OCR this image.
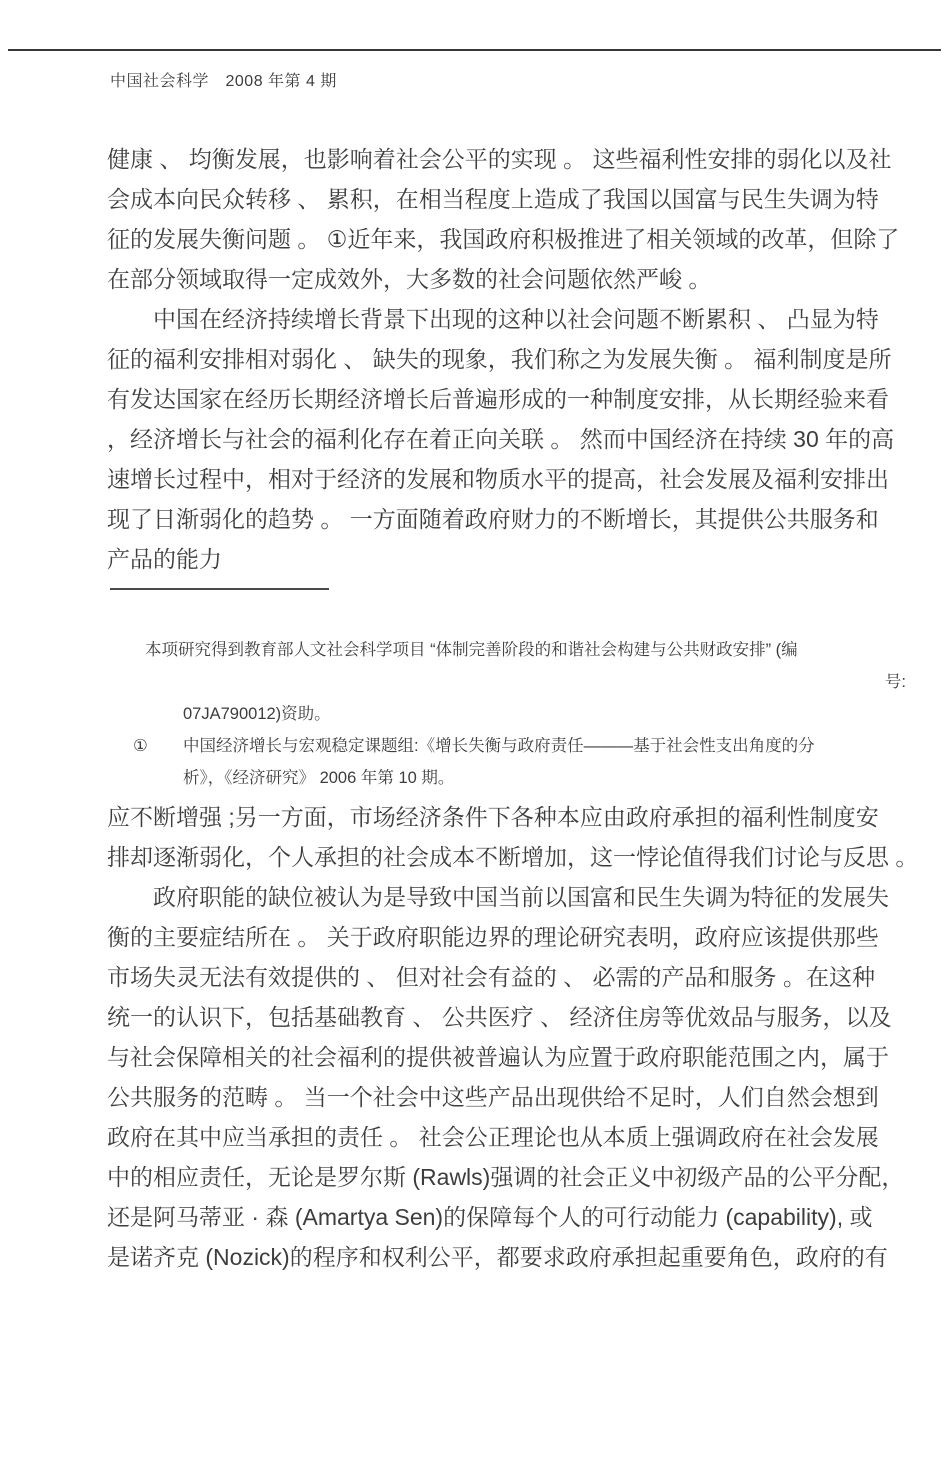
中国社会科学　2008 年第 4 期
健康 、 均衡发展，也影响着社会公平的实现 。 这些福利性安排的弱化以及社
会成本向民众转移 、 累积，在相当程度上造成了我国以国富与民生失调为特
征的发展失衡问题 。 ①近年来，我国政府积极推进了相关领域的改革，但除了
在部分领域取得一定成效外，大多数的社会问题依然严峻 。
　　中国在经济持续增长背景下出现的这种以社会问题不断累积 、 凸显为特
征的福利安排相对弱化 、 缺失的现象，我们称之为发展失衡 。 福利制度是所
有发达国家在经历长期经济增长后普遍形成的一种制度安排，从长期经验来看
，经济增长与社会的福利化存在着正向关联 。 然而中国经济在持续 30 年的高
速增长过程中，相对于经济的发展和物质水平的提高，社会发展及福利安排出
现了日渐弱化的趋势 。 一方面随着政府财力的不断增长，其提供公共服务和
产品的能力
本项研究得到教育部人文社会科学项目 “体制完善阶段的和谐社会构建与公共财政安排” (编
号:
07JA790012)资助。
①	中国经济增长与宏观稳定课题组:《增长失衡与政府责任———基于社会性支出角度的分
析》，《经济研究》 2006 年第 10 期。
应不断增强 ;另一方面，市场经济条件下各种本应由政府承担的福利性制度安
排却逐渐弱化，个人承担的社会成本不断增加，这一悖论值得我们讨论与反思 。
　　政府职能的缺位被认为是导致中国当前以国富和民生失调为特征的发展失
衡的主要症结所在 。 关于政府职能边界的理论研究表明，政府应该提供那些
市场失灵无法有效提供的 、 但对社会有益的 、 必需的产品和服务 。在这种
统一的认识下，包括基础教育 、 公共医疗 、 经济住房等优效品与服务，以及
与社会保障相关的社会福利的提供被普遍认为应置于政府职能范围之内，属于
公共服务的范畴 。 当一个社会中这些产品出现供给不足时，人们自然会想到
政府在其中应当承担的责任 。 社会公正理论也从本质上强调政府在社会发展
中的相应责任，无论是罗尔斯 (Rawls)强调的社会正义中初级产品的公平分配，
还是阿马蒂亚 · 森 (Amartya Sen)的保障每个人的可行动能力 (capability), 或
是诺齐克 (Nozick)的程序和权利公平，都要求政府承担起重要角色，政府的有
